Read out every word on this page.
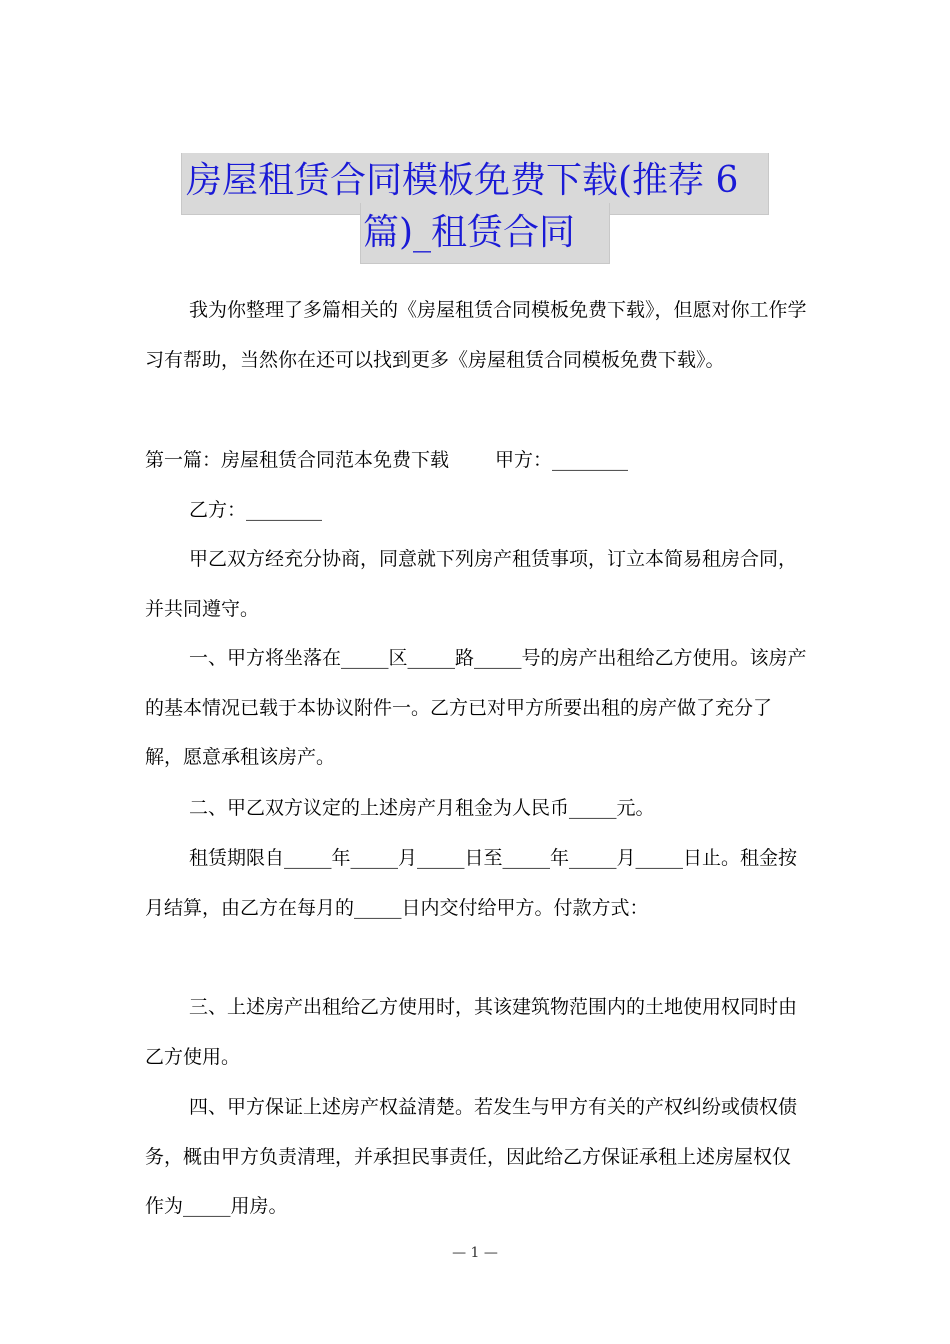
房屋租赁合同模板免费下载(推荐 6
篇)_租赁合同

我为你整理了多篇相关的《房屋租赁合同模板免费下载》，但愿对你工作学习有帮助，当然你在还可以找到更多《房屋租赁合同模板免费下载》。

第一篇：房屋租赁合同范本免费下载 甲方：________

乙方：________

甲乙双方经充分协商，同意就下列房产租赁事项，订立本简易租房合同，并共同遵守。

一、甲方将坐落在_____区_____路_____号的房产出租给乙方使用。该房产的基本情况已载于本协议附件一。乙方已对甲方所要出租的房产做了充分了解，愿意承租该房产。

二、甲乙双方议定的上述房产月租金为人民币_____元。

租赁期限自_____年_____月_____日至_____年_____月_____日止。租金按月结算，由乙方在每月的_____日内交付给甲方。付款方式：

三、上述房产出租给乙方使用时，其该建筑物范围内的土地使用权同时由乙方使用。

四、甲方保证上述房产权益清楚。若发生与甲方有关的产权纠纷或债权债务，概由甲方负责清理，并承担民事责任，因此给乙方保证承租上述房屋权仅作为_____用房。

— 1 —
